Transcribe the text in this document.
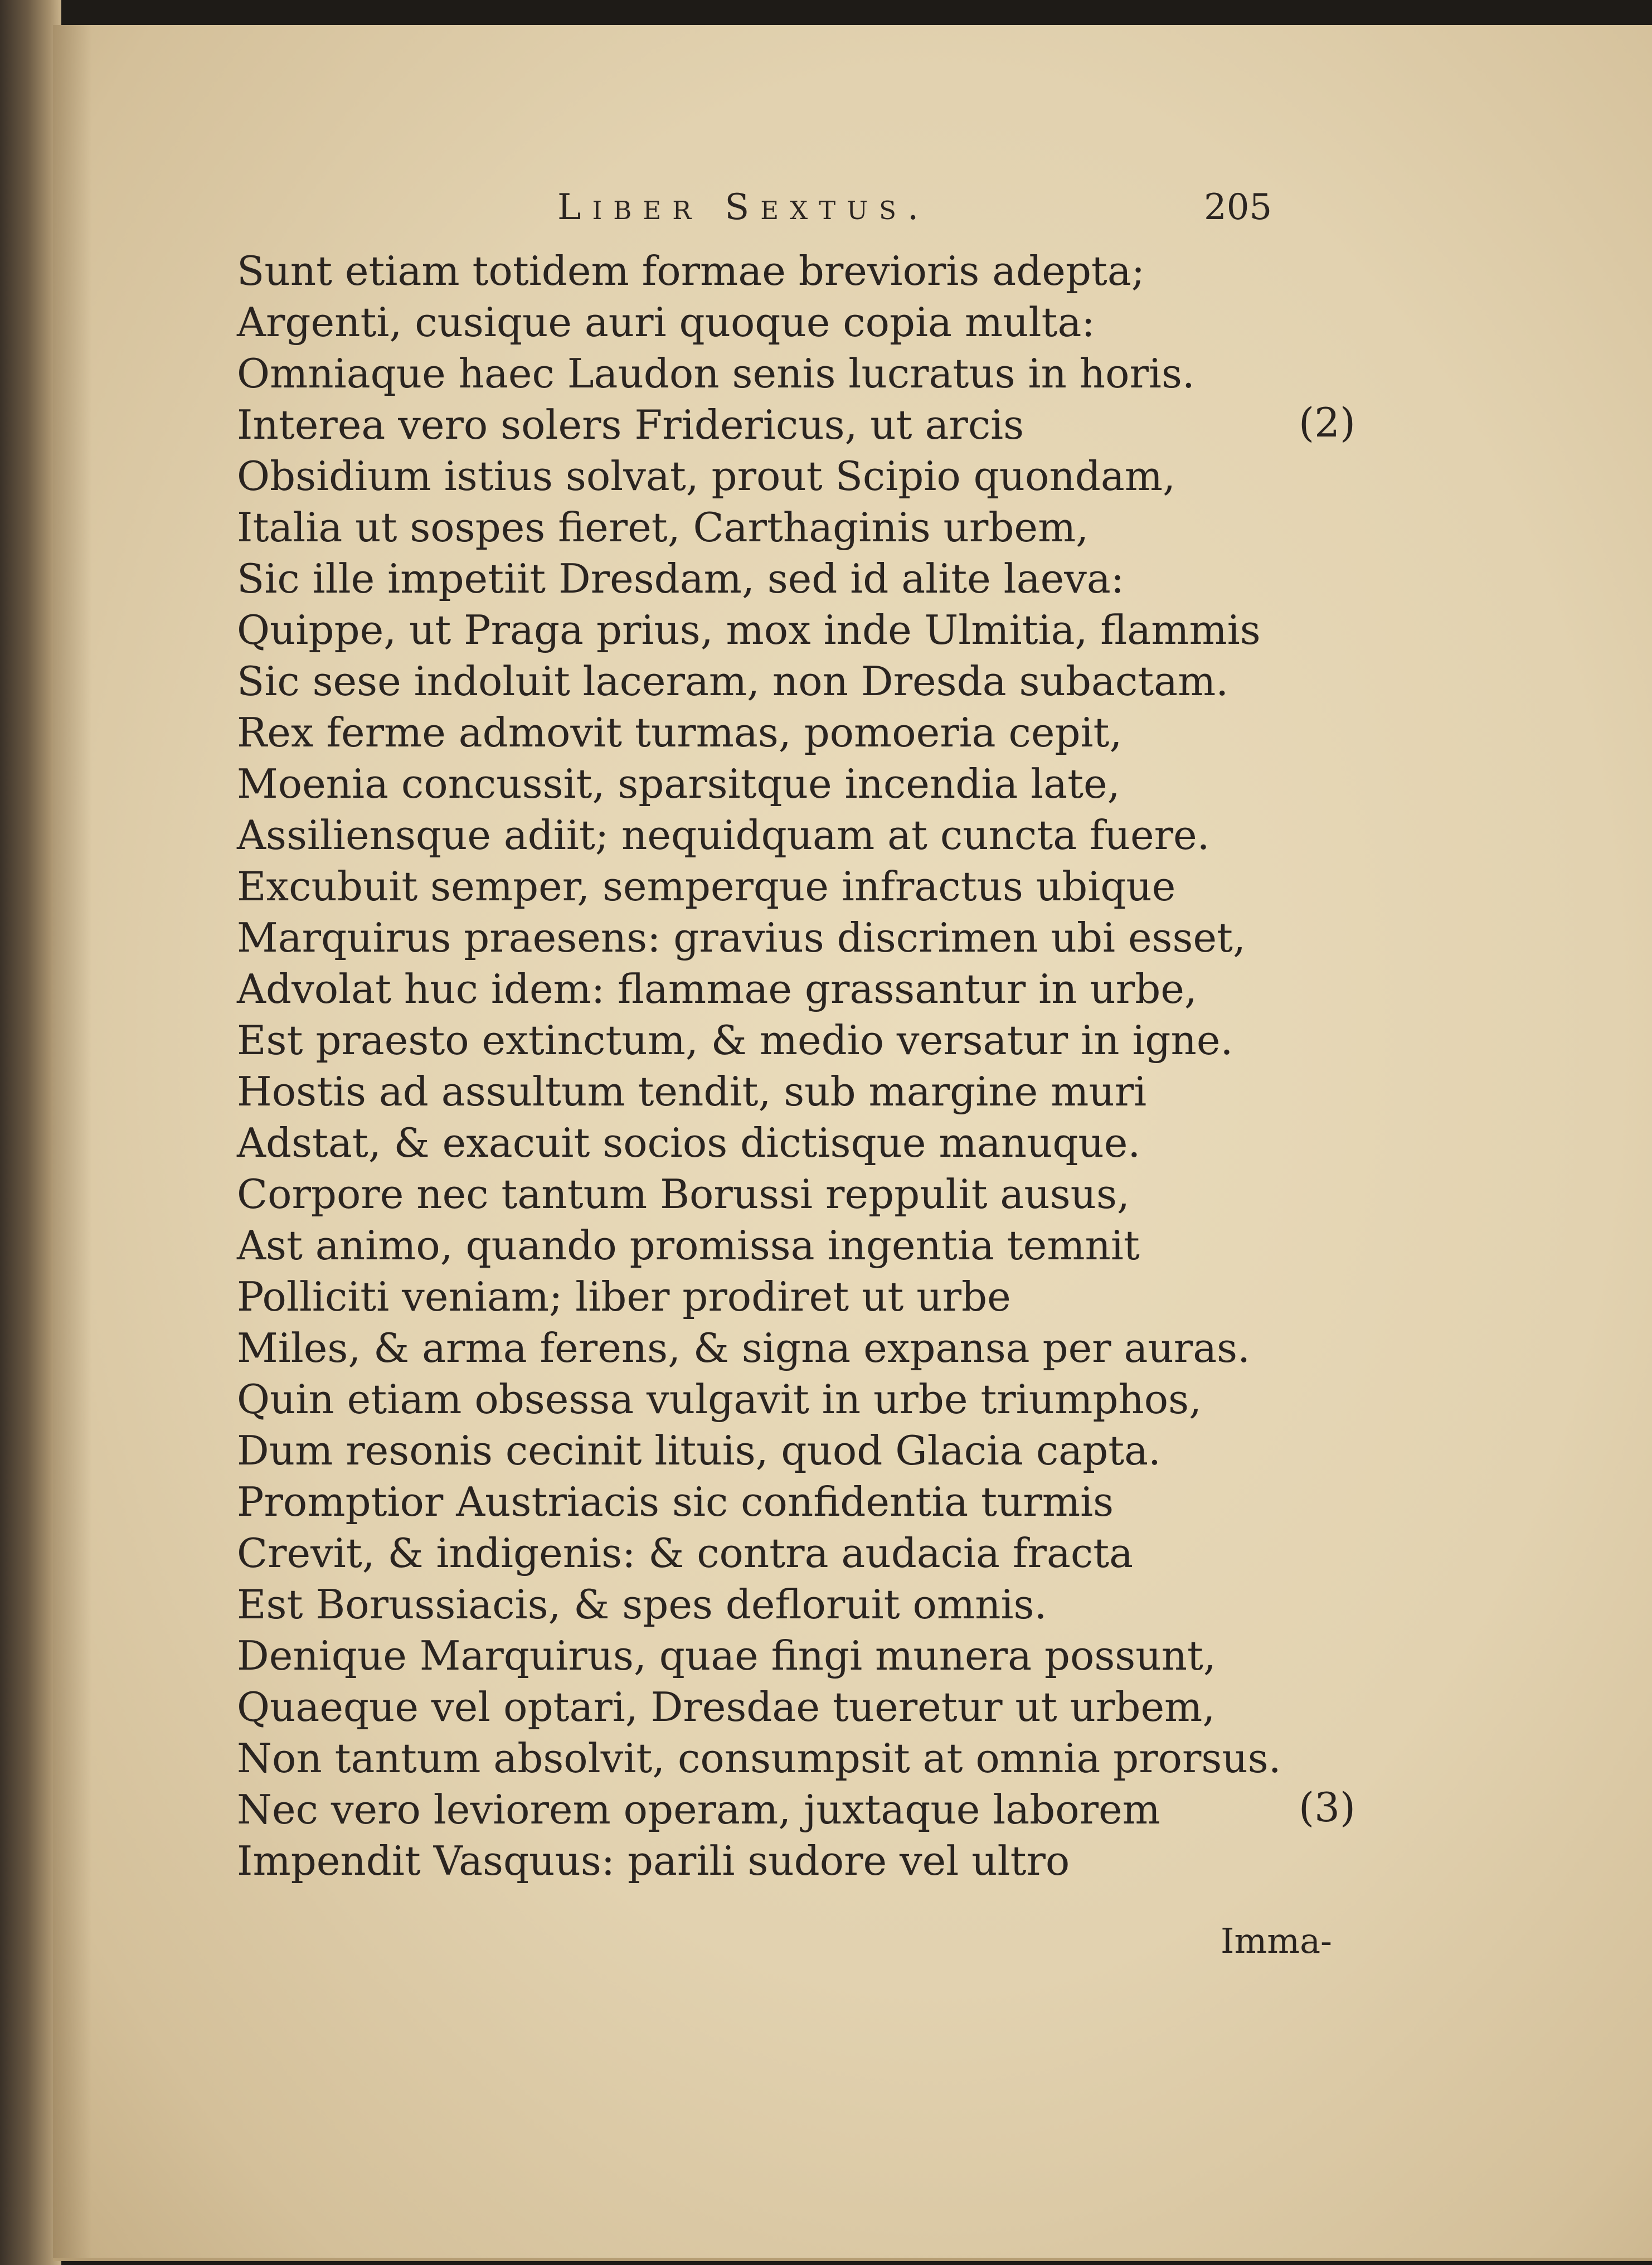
Liber Sextus.	205
Sunt etiam totidem formae brevioris adepta;
Argenti, cusique auri quoque copia multa:
Omniaque haec Laudon senis lucratus in horis.
Interea vero solers Fridericus, ut arcis
Obsidium istius solvat, prout Scipio quondam,
Italia ut sospes fieret, Carthaginis urbem,
Sic ille impetiit Dresdam, sed id alite laeva:
Quippe, ut Praga prius, mox inde Ulmitia, flammis
Sic sese indoluit laceram, non Dresda subactam.
Rex ferme admovit turmas, pomoeria cepit,
Moenia concussit, sparsitque incendia late,
Assiliensque adiit; nequidquam at cuncta fuere.
Excubuit semper, semperque infractus ubique
Marquirus praesens: gravius discrimen ubi esset,
Advolat huc idem: flammae grassantur in urbe,
Est praesto extinctum, & medio versatur in igne.
Hostis ad assultum tendit, sub margine muri
Adstat, & exacuit socios dictisque manuque.
Corpore nec tantum Borussi reppulit ausus,
Ast animo, quando promissa ingentia temnit
Polliciti veniam; liber prodiret ut urbe
Miles, & arma ferens, & signa expansa per auras.
Quin etiam obsessa vulgavit in urbe triumphos,
Dum resonis cecinit lituis, quod Glacia capta.
Promptior Austriacis sic confidentia turmis
Crevit, & indigenis: & contra audacia fracta
Est Borussiacis, & spes defloruit omnis.
Denique Marquirus, quae fingi munera possunt,
Quaeque vel optari, Dresdae tueretur ut urbem,
Non tantum absolvit, consumpsit at omnia prorsus.
Nec vero leviorem operam, juxtaque laborem
Impendit Vasquus: parili sudore vel ultro
(2)
(3)
Imma-
